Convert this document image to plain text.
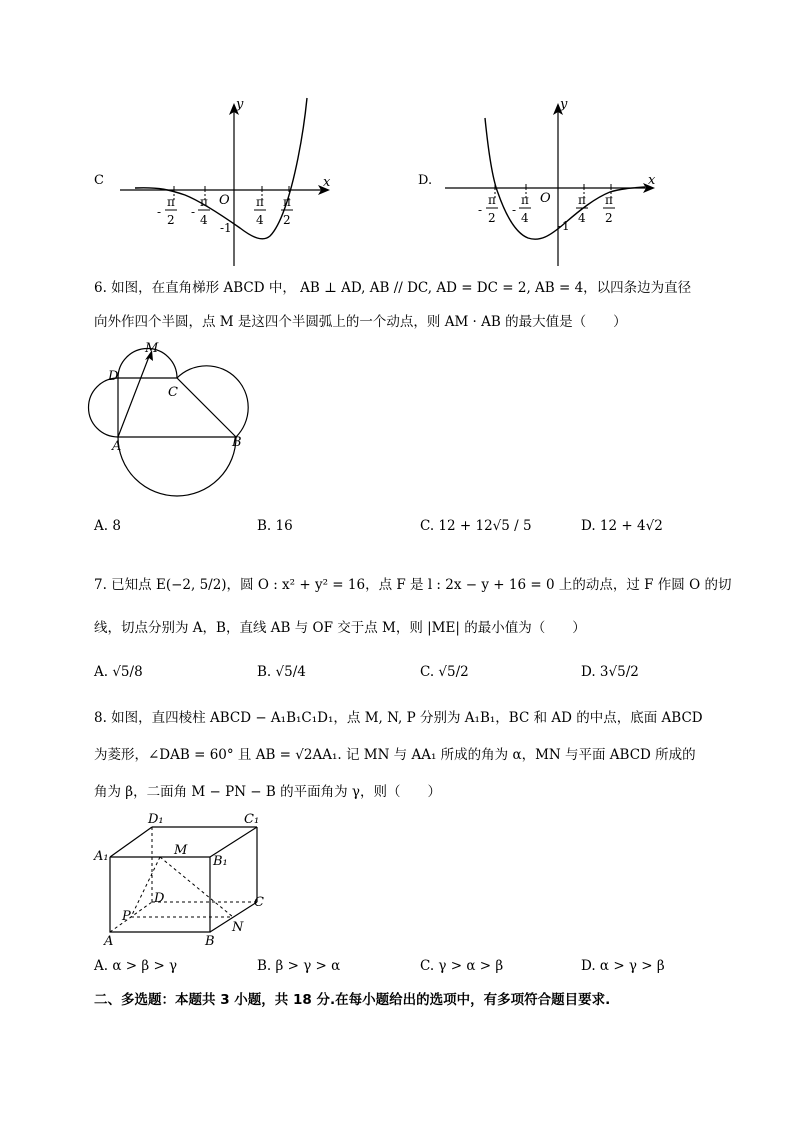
C
y
x
O
-1
-
π
2
-
π
4
π
4
π
2
D.
y
x
O
-1
-
π
2
-
π
4
π
4
π
2
6. 如图，在直角梯形 ABCD 中， AB ⊥ AD, AB // DC, AD = DC = 2, AB = 4，以四条边为直径
向外作四个半圆，点 M 是这四个半圆弧上的一个动点，则 AM · AB 的最大值是（　　）
M
D
C
A	B
A. 8	B. 16	C. 12 + 12√5 / 5	D. 12 + 4√2
7. 已知点 E(−2, 5/2)，圆 O : x² + y² = 16，点 F 是 l : 2x − y + 16 = 0 上的动点，过 F 作圆 O 的切
线，切点分别为 A，B，直线 AB 与 OF 交于点 M，则 |ME| 的最小值为（　　）
A. √5/8	B. √5/4	C. √5/2	D. 3√5/2
8. 如图，直四棱柱 ABCD − A₁B₁C₁D₁，点 M, N, P 分别为 A₁B₁，BC 和 AD 的中点，底面 ABCD
为菱形，∠DAB = 60° 且 AB = √2AA₁. 记 MN 与 AA₁ 所成的角为 α，MN 与平面 ABCD 所成的
角为 β，二面角 M − PN − B 的平面角为 γ，则（　　）
D₁	C₁
A₁	B₁
M
D	C
P
N
A	B
A. α > β > γ	B. β > γ > α	C. γ > α > β	D. α > γ > β
二、多选题：本题共 3 小题，共 18 分.在每小题给出的选项中，有多项符合题目要求.
